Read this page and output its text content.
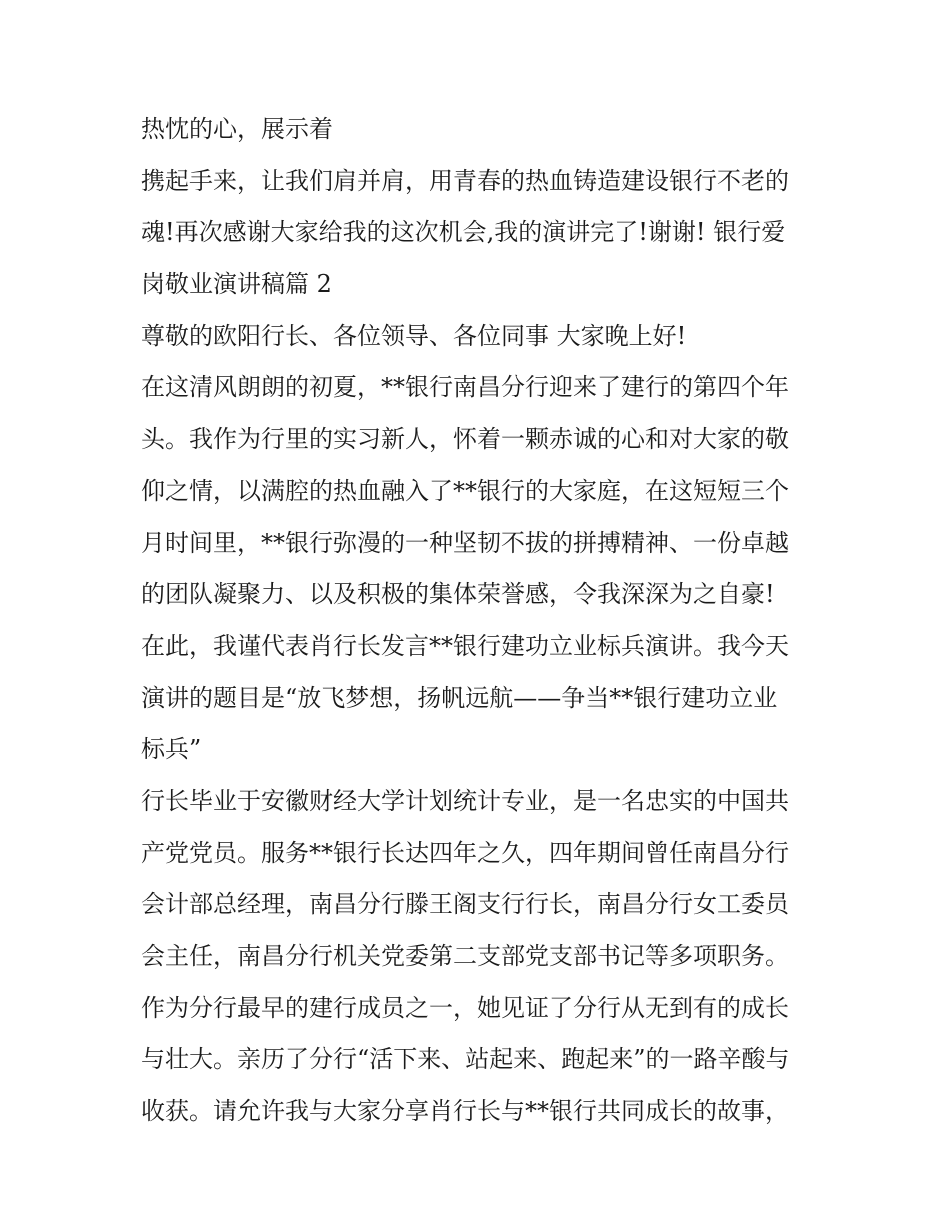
热忱的心，展示着
携起手来，让我们肩并肩，用青春的热血铸造建设银行不老的
魂!再次感谢大家给我的这次机会,我的演讲完了!谢谢! 银行爱
岗敬业演讲稿篇 2
尊敬的欧阳行长、各位领导、各位同事 大家晚上好!
在这清风朗朗的初夏，**银行南昌分行迎来了建行的第四个年
头。我作为行里的实习新人，怀着一颗赤诚的心和对大家的敬
仰之情，以满腔的热血融入了**银行的大家庭，在这短短三个
月时间里，**银行弥漫的一种坚韧不拔的拼搏精神、一份卓越
的团队凝聚力、以及积极的集体荣誉感，令我深深为之自豪!
在此，我谨代表肖行长发言**银行建功立业标兵演讲。我今天
演讲的题目是“放飞梦想，扬帆远航——争当**银行建功立业
标兵”
行长毕业于安徽财经大学计划统计专业，是一名忠实的中国共
产党党员。服务**银行长达四年之久，四年期间曾任南昌分行
会计部总经理，南昌分行滕王阁支行行长，南昌分行女工委员
会主任，南昌分行机关党委第二支部党支部书记等多项职务。
作为分行最早的建行成员之一，她见证了分行从无到有的成长
与壮大。亲历了分行“活下来、站起来、跑起来”的一路辛酸与
收获。请允许我与大家分享肖行长与**银行共同成长的故事，
